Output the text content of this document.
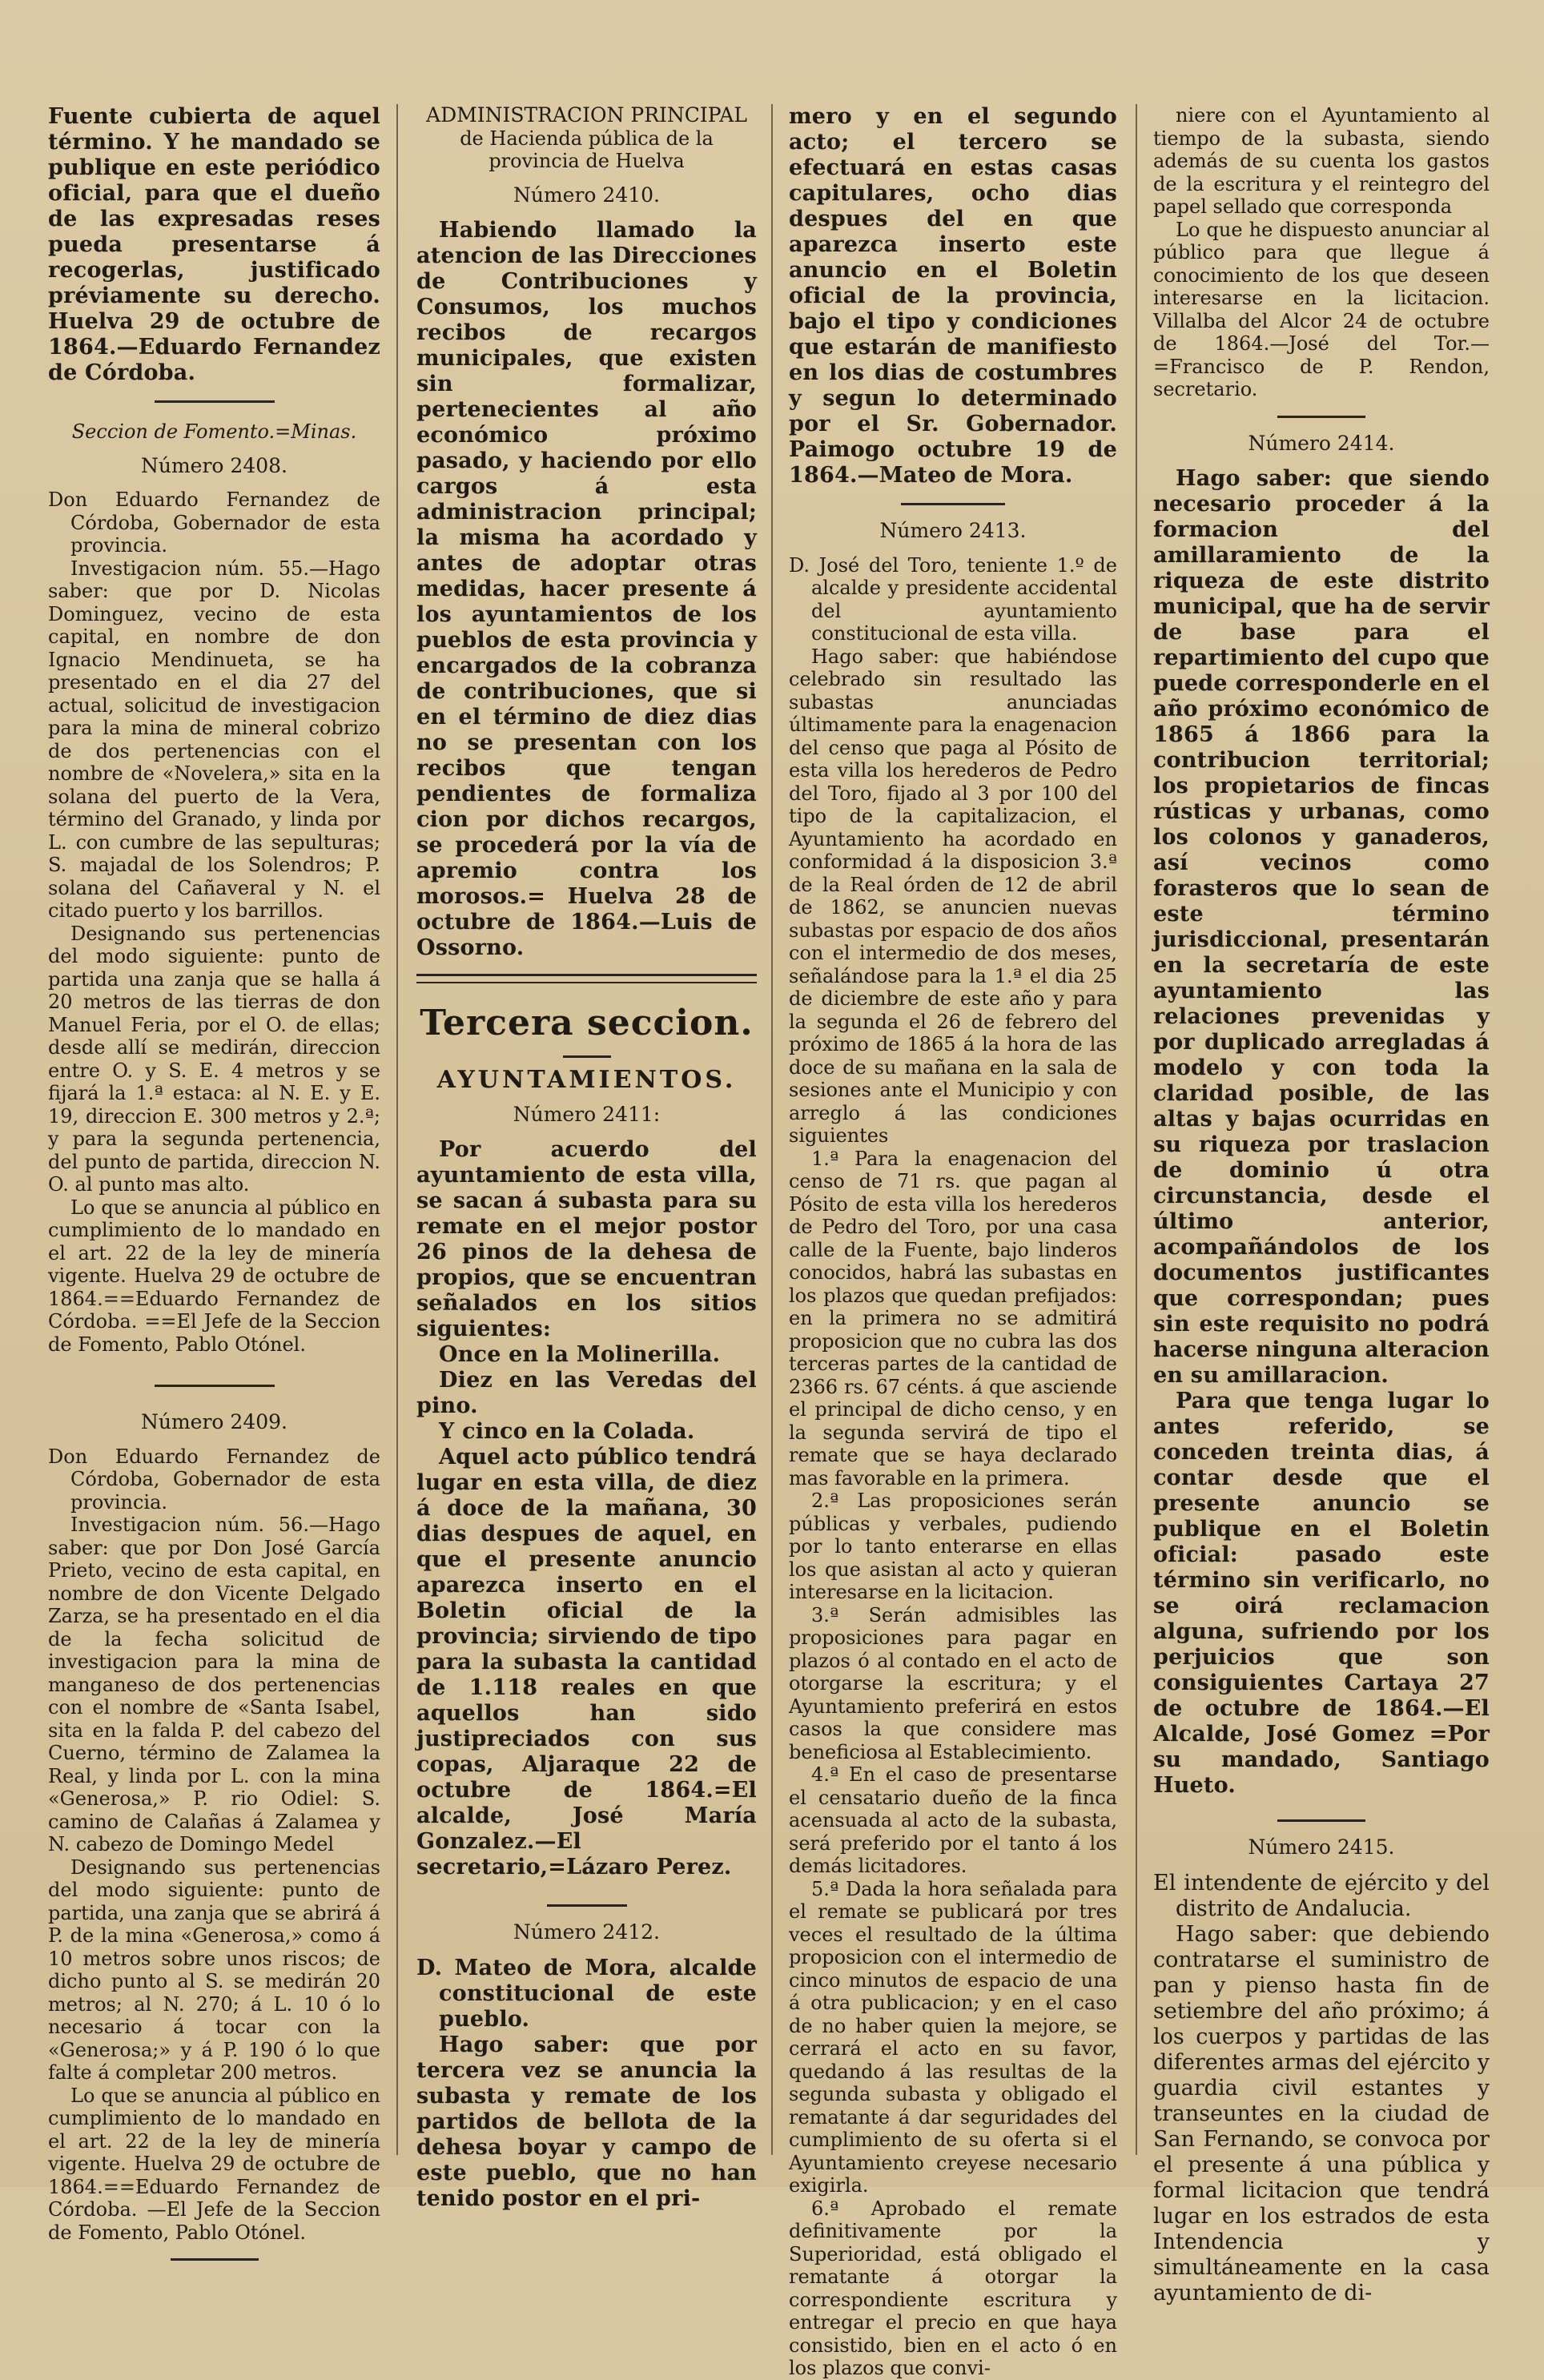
Fuente cubierta de aquel término. Y he mandado se publique en este periódico oficial, para que el dueño de las expresadas reses pueda presentarse á recogerlas, justificado préviamente su derecho. Huelva 29 de octubre de 1864.—Eduardo Fernandez de Córdoba.

Seccion de Fomento.=Minas.

Número 2408.

Don Eduardo Fernandez de Córdoba, Gobernador de esta provincia.

Investigacion núm. 55.—Hago saber: que por D. Nicolas Dominguez, vecino de esta capital, en nombre de don Ignacio Mendinueta, se ha presentado en el dia 27 del actual, solicitud de investigacion para la mina de mineral cobrizo de dos pertenencias con el nombre de «Novelera,» sita en la solana del puerto de la Vera, término del Granado, y linda por L. con cumbre de las sepulturas; S. majadal de los Solendros; P. solana del Cañaveral y N. el citado puerto y los barrillos.

Designando sus pertenencias del modo siguiente: punto de partida una zanja que se halla á 20 metros de las tierras de don Manuel Feria, por el O. de ellas; desde allí se medirán, direccion entre O. y S. E. 4 metros y se fijará la 1.ª estaca: al N. E. y E. 19, direccion E. 300 metros y 2.ª; y para la segunda pertenencia, del punto de partida, direccion N. O. al punto mas alto.

Lo que se anuncia al público en cumplimiento de lo mandado en el art. 22 de la ley de minería vigente. Huelva 29 de octubre de 1864.==Eduardo Fernandez de Córdoba. ==El Jefe de la Seccion de Fomento, Pablo Otónel.

Número 2409.

Don Eduardo Fernandez de Córdoba, Gobernador de esta provincia.

Investigacion núm. 56.—Hago saber: que por Don José García Prieto, vecino de esta capital, en nombre de don Vicente Delgado Zarza, se ha presentado en el dia de la fecha solicitud de investigacion para la mina de manganeso de dos pertenencias con el nombre de «Santa Isabel, sita en la falda P. del cabezo del Cuerno, término de Zalamea la Real, y linda por L. con la mina «Generosa,» P. rio Odiel: S. camino de Calañas á Zalamea y N. cabezo de Domingo Medel

Designando sus pertenencias del modo siguiente: punto de partida, una zanja que se abrirá á P. de la mina «Generosa,» como á 10 metros sobre unos riscos; de dicho punto al S. se medirán 20 metros; al N. 270; á L. 10 ó lo necesario á tocar con la «Generosa;» y á P. 190 ó lo que falte á completar 200 metros.

Lo que se anuncia al público en cumplimiento de lo mandado en el art. 22 de la ley de minería vigente. Huelva 29 de octubre de 1864.==Eduardo Fernandez de Córdoba. —El Jefe de la Seccion de Fomento, Pablo Otónel.

ADMINISTRACION PRINCIPAL

de Hacienda pública de la provincia de Huelva

Número 2410.

Habiendo llamado la atencion de las Direcciones de Contribuciones y Consumos, los muchos recibos de recargos municipales, que existen sin formalizar, pertenecientes al año económico próximo pasado, y haciendo por ello cargos á esta administracion principal; la misma ha acordado y antes de adoptar otras medidas, hacer presente á los ayuntamientos de los pueblos de esta provincia y encargados de la cobranza de contribuciones, que si en el término de diez dias no se presentan con los recibos que tengan pendientes de formaliza cion por dichos recargos, se procederá por la vía de apremio contra los morosos.= Huelva 28 de octubre de 1864.—Luis de Ossorno.

Tercera seccion.

AYUNTAMIENTOS.

Número 2411:

Por acuerdo del ayuntamiento de esta villa, se sacan á subasta para su remate en el mejor postor 26 pinos de la dehesa de propios, que se encuentran señalados en los sitios siguientes:

Once en la Molinerilla.

Diez en las Veredas del pino.

Y cinco en la Colada.

Aquel acto público tendrá lugar en esta villa, de diez á doce de la mañana, 30 dias despues de aquel, en que el presente anuncio aparezca inserto en el Boletin oficial de la provincia; sirviendo de tipo para la subasta la cantidad de 1.118 reales en que aquellos han sido justipreciados con sus copas, Aljaraque 22 de octubre de 1864.=El alcalde, José María Gonzalez.—El secretario,=Lázaro Perez.

Número 2412.

D. Mateo de Mora, alcalde constitucional de este pueblo.

Hago saber: que por tercera vez se anuncia la subasta y remate de los partidos de bellota de la dehesa boyar y campo de este pueblo, que no han tenido postor en el pri-

mero y en el segundo acto; el tercero se efectuará en estas casas capitulares, ocho dias despues del en que aparezca inserto este anuncio en el Boletin oficial de la provincia, bajo el tipo y condiciones que estarán de manifiesto en los dias de costumbres y segun lo determinado por el Sr. Gobernador. Paimogo octubre 19 de 1864.—Mateo de Mora.

Número 2413.

D. José del Toro, teniente 1.º de alcalde y presidente accidental del ayuntamiento constitucional de esta villa.

Hago saber: que habiéndose celebrado sin resultado las subastas anunciadas últimamente para la enagenacion del censo que paga al Pósito de esta villa los herederos de Pedro del Toro, fijado al 3 por 100 del tipo de la capitalizacion, el Ayuntamiento ha acordado en conformidad á la disposicion 3.ª de la Real órden de 12 de abril de 1862, se anuncien nuevas subastas por espacio de dos años con el intermedio de dos meses, señalándose para la 1.ª el dia 25 de diciembre de este año y para la segunda el 26 de febrero del próximo de 1865 á la hora de las doce de su mañana en la sala de sesiones ante el Municipio y con arreglo á las condiciones siguientes

1.ª Para la enagenacion del censo de 71 rs. que pagan al Pósito de esta villa los herederos de Pedro del Toro, por una casa calle de la Fuente, bajo linderos conocidos, habrá las subastas en los plazos que quedan prefijados: en la primera no se admitirá proposicion que no cubra las dos terceras partes de la cantidad de 2366 rs. 67 cénts. á que asciende el principal de dicho censo, y en la segunda servirá de tipo el remate que se haya declarado mas favorable en la primera.

2.ª Las proposiciones serán públicas y verbales, pudiendo por lo tanto enterarse en ellas los que asistan al acto y quieran interesarse en la licitacion.

3.ª Serán admisibles las proposiciones para pagar en plazos ó al contado en el acto de otorgarse la escritura; y el Ayuntamiento preferirá en estos casos la que considere mas beneficiosa al Establecimiento.

4.ª En el caso de presentarse el censatario dueño de la finca acensuada al acto de la subasta, será preferido por el tanto á los demás licitadores.

5.ª Dada la hora señalada para el remate se publicará por tres veces el resultado de la última proposicion con el intermedio de cinco minutos de espacio de una á otra publicacion; y en el caso de no haber quien la mejore, se cerrará el acto en su favor, quedando á las resultas de la segunda subasta y obligado el rematante á dar seguridades del cumplimiento de su oferta si el Ayuntamiento creyese necesario exigirla.

6.ª Aprobado el remate definitivamente por la Superioridad, está obligado el rematante á otorgar la correspondiente escritura y entregar el precio en que haya consistido, bien en el acto ó en los plazos que convi-

niere con el Ayuntamiento al tiempo de la subasta, siendo además de su cuenta los gastos de la escritura y el reintegro del papel sellado que corresponda

Lo que he dispuesto anunciar al público para que llegue á conocimiento de los que deseen interesarse en la licitacion. Villalba del Alcor 24 de octubre de 1864.—José del Tor.—=Francisco de P. Rendon, secretario.

Número 2414.

Hago saber: que siendo necesario proceder á la formacion del amillaramiento de la riqueza de este distrito municipal, que ha de servir de base para el repartimiento del cupo que puede corresponderle en el año próximo económico de 1865 á 1866 para la contribucion territorial; los propietarios de fincas rústicas y urbanas, como los colonos y ganaderos, así vecinos como forasteros que lo sean de este término jurisdiccional, presentarán en la secretaría de este ayuntamiento las relaciones prevenidas y por duplicado arregladas á modelo y con toda la claridad posible, de las altas y bajas ocurridas en su riqueza por traslacion de dominio ú otra circunstancia, desde el último anterior, acompañándolos de los documentos justificantes que correspondan; pues sin este requisito no podrá hacerse ninguna alteracion en su amillaracion.

Para que tenga lugar lo antes referido, se conceden treinta dias, á contar desde que el presente anuncio se publique en el Boletin oficial: pasado este término sin verificarlo, no se oirá reclamacion alguna, sufriendo por los perjuicios que son consiguientes Cartaya 27 de octubre de 1864.—El Alcalde, José Gomez =Por su mandado, Santiago Hueto.

Número 2415.

El intendente de ejército y del distrito de Andalucia.

Hago saber: que debiendo contratarse el suministro de pan y pienso hasta fin de setiembre del año próximo; á los cuerpos y partidas de las diferentes armas del ejército y guardia civil estantes y transeuntes en la ciudad de San Fernando, se convoca por el presente á una pública y formal licitacion que tendrá lugar en los estrados de esta Intendencia y simultáneamente en la casa ayuntamiento de di-
